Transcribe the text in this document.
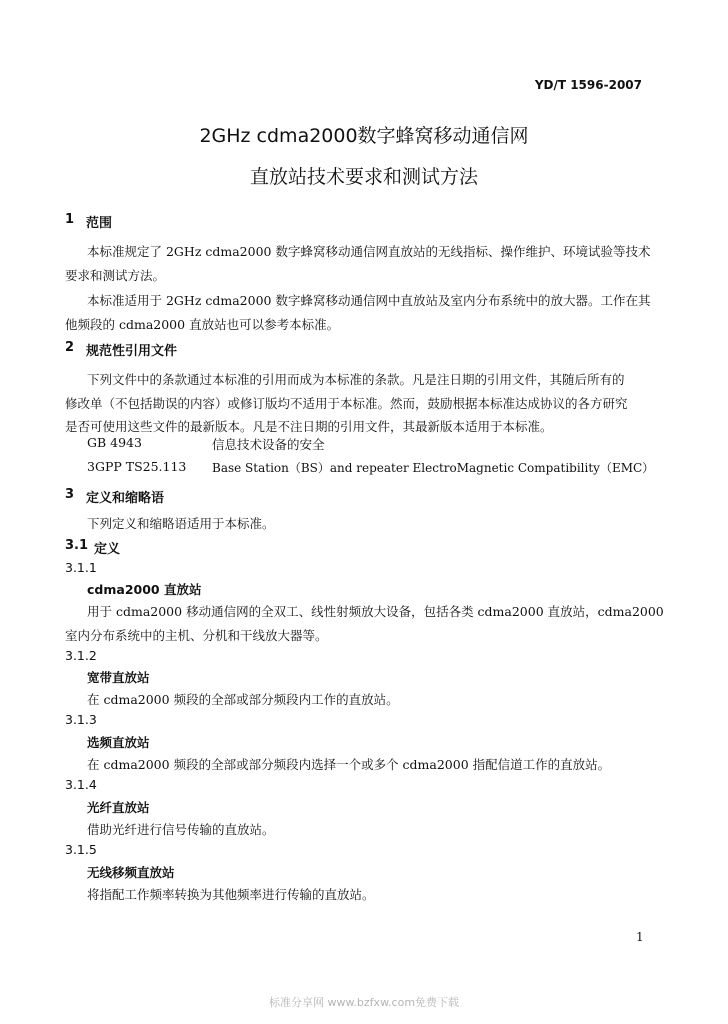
YD/T 1596-2007
2GHz cdma2000数字蜂窝移动通信网
直放站技术要求和测试方法
1 范围
本标准规定了 2GHz cdma2000 数字蜂窝移动通信网直放站的无线指标、操作维护、环境试验等技术
要求和测试方法。
本标准适用于 2GHz cdma2000 数字蜂窝移动通信网中直放站及室内分布系统中的放大器。工作在其
他频段的 cdma2000 直放站也可以参考本标准。
2 规范性引用文件
下列文件中的条款通过本标准的引用而成为本标准的条款。凡是注日期的引用文件，其随后所有的
修改单（不包括勘误的内容）或修订版均不适用于本标准。然而，鼓励根据本标准达成协议的各方研究
是否可使用这些文件的最新版本。凡是不注日期的引用文件，其最新版本适用于本标准。
GB 4943	信息技术设备的安全
3GPP TS25.113 Base Station（BS）and repeater ElectroMagnetic Compatibility（EMC）
3 定义和缩略语
下列定义和缩略语适用于本标准。
3.1 定义
3.1.1
cdma2000 直放站
用于 cdma2000 移动通信网的全双工、线性射频放大设备，包括各类 cdma2000 直放站，cdma2000
室内分布系统中的主机、分机和干线放大器等。
3.1.2
宽带直放站
在 cdma2000 频段的全部或部分频段内工作的直放站。
3.1.3
选频直放站
在 cdma2000 频段的全部或部分频段内选择一个或多个 cdma2000 指配信道工作的直放站。
3.1.4
光纤直放站
借助光纤进行信号传输的直放站。
3.1.5
无线移频直放站
将指配工作频率转换为其他频率进行传输的直放站。
1
标准分享网 www.bzfxw.com免费下载
